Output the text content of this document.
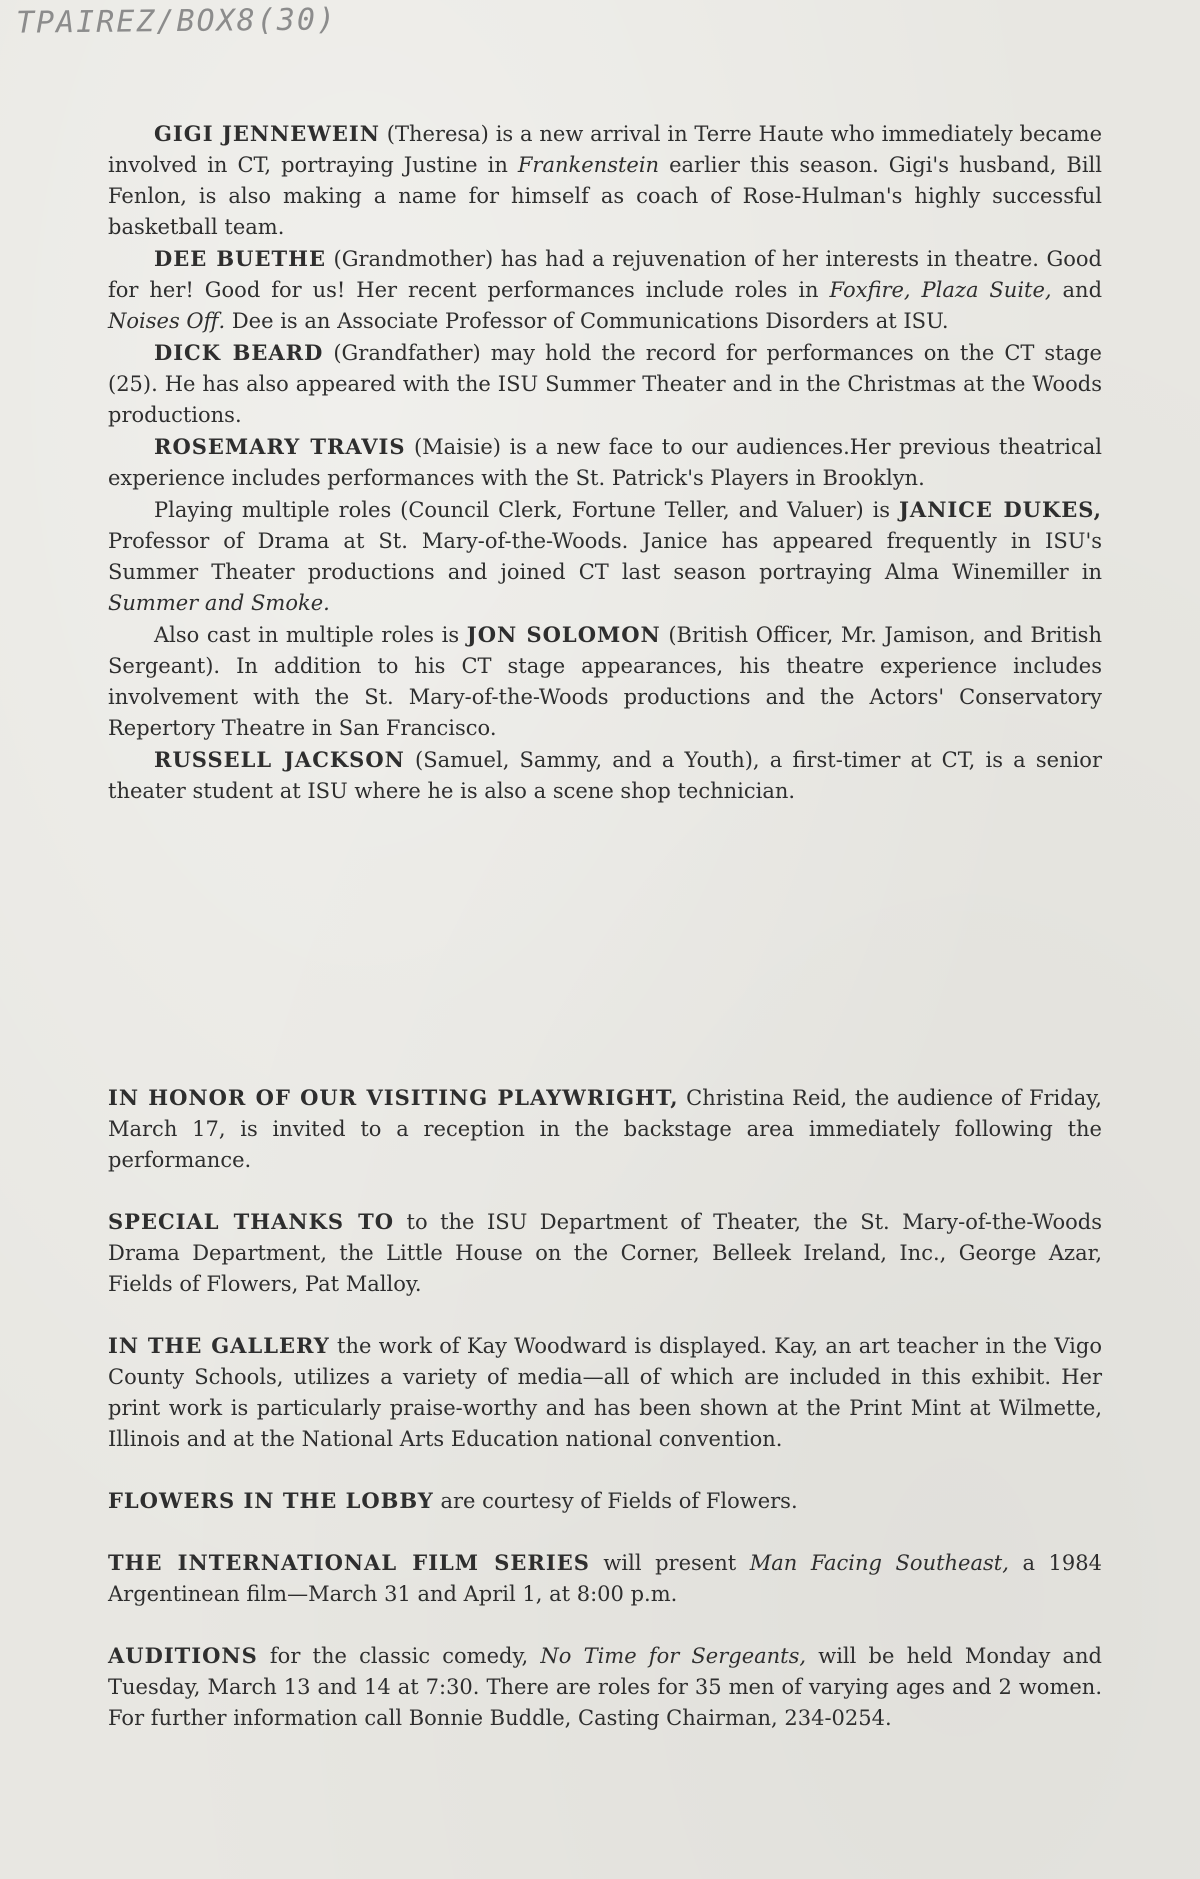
TPAIREZ/BOX8(30)

GIGI JENNEWEIN (Theresa) is a new arrival in Terre Haute who immediately became involved in CT, portraying Justine in Frankenstein earlier this season. Gigi's husband, Bill Fenlon, is also making a name for himself as coach of Rose-Hulman's highly successful basketball team.

DEE BUETHE (Grandmother) has had a rejuvenation of her interests in theatre. Good for her! Good for us! Her recent performances include roles in Foxfire, Plaza Suite, and Noises Off. Dee is an Associate Professor of Communications Disorders at ISU.

DICK BEARD (Grandfather) may hold the record for performances on the CT stage (25). He has also appeared with the ISU Summer Theater and in the Christmas at the Woods productions.

ROSEMARY TRAVIS (Maisie) is a new face to our audiences.Her previous theatrical experience includes performances with the St. Patrick's Players in Brooklyn.

Playing multiple roles (Council Clerk, Fortune Teller, and Valuer) is JANICE DUKES, Professor of Drama at St. Mary-of-the-Woods. Janice has appeared frequently in ISU's Summer Theater productions and joined CT last season portraying Alma Winemiller in Summer and Smoke.

Also cast in multiple roles is JON SOLOMON (British Officer, Mr. Jamison, and British Sergeant). In addition to his CT stage appearances, his theatre experience includes involvement with the St. Mary-of-the-Woods productions and the Actors' Conservatory Repertory Theatre in San Francisco.

RUSSELL JACKSON (Samuel, Sammy, and a Youth), a first-timer at CT, is a senior theater student at ISU where he is also a scene shop technician.

IN HONOR OF OUR VISITING PLAYWRIGHT, Christina Reid, the audience of Friday, March 17, is invited to a reception in the backstage area immediately following the performance.

SPECIAL THANKS TO to the ISU Department of Theater, the St. Mary-of-the-Woods Drama Department, the Little House on the Corner, Belleek Ireland, Inc., George Azar, Fields of Flowers, Pat Malloy.

IN THE GALLERY the work of Kay Woodward is displayed. Kay, an art teacher in the Vigo County Schools, utilizes a variety of media—all of which are included in this exhibit. Her print work is particularly praise-worthy and has been shown at the Print Mint at Wilmette, Illinois and at the National Arts Education national convention.

FLOWERS IN THE LOBBY are courtesy of Fields of Flowers.

THE INTERNATIONAL FILM SERIES will present Man Facing Southeast, a 1984 Argentinean film—March 31 and April 1, at 8:00 p.m.

AUDITIONS for the classic comedy, No Time for Sergeants, will be held Monday and Tuesday, March 13 and 14 at 7:30. There are roles for 35 men of varying ages and 2 women. For further information call Bonnie Buddle, Casting Chairman, 234-0254.
